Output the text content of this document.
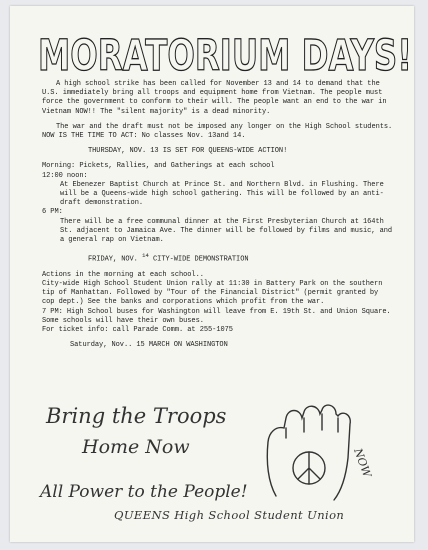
MORATORIUM DAYS!

A high school strike has been called for November 13 and 14 to demand that the U.S. immediately bring all troops and equipment home from Vietnam. The people must force the government to conform to their will. The people want an end to the war in Vietnam NOW!! The "silent majority" is a dead minority.

The war and the draft must not be imposed any longer on the High School students. NOW IS THE TIME TO ACT: No classes Nov. 13and 14.

THURSDAY, NOV. 13 IS SET FOR QUEENS-WIDE ACTION!

Morning: Pickets, Rallies, and Gatherings at each school

12:00 noon:

At Ebenezer Baptist Church at Prince St. and Northern Blvd. in Flushing. There will be a Queens-wide high school gathering. This will be followed by an anti-draft demonstration.

6 PM:

There will be a free communal dinner at the First Presbyterian Church at 164th St. adjacent to Jamaica Ave. The dinner will be followed by films and music, and a general rap on Vietnam.

FRIDAY, NOV. $^{14}$ CITY-WIDE DEMONSTRATION

Actions in the morning at each school..

City-wide High School Student Union rally at 11:30 in Battery Park on the southern tip of Manhattan. Followed by "Tour of the Financial District" (permit granted by cop dept.) See the banks and corporations which profit from the war.

7 PM: High School buses for Washington will leave from E. 19th St. and Union Square. Some schools will have their own buses.

For ticket info: call Parade Comm. at 255-1075

Saturday, Nov.. 15 MARCH ON WASHINGTON

Bring the Troops
Home Now	NOW
All Power to the People!
QUEENS High School Student Union
